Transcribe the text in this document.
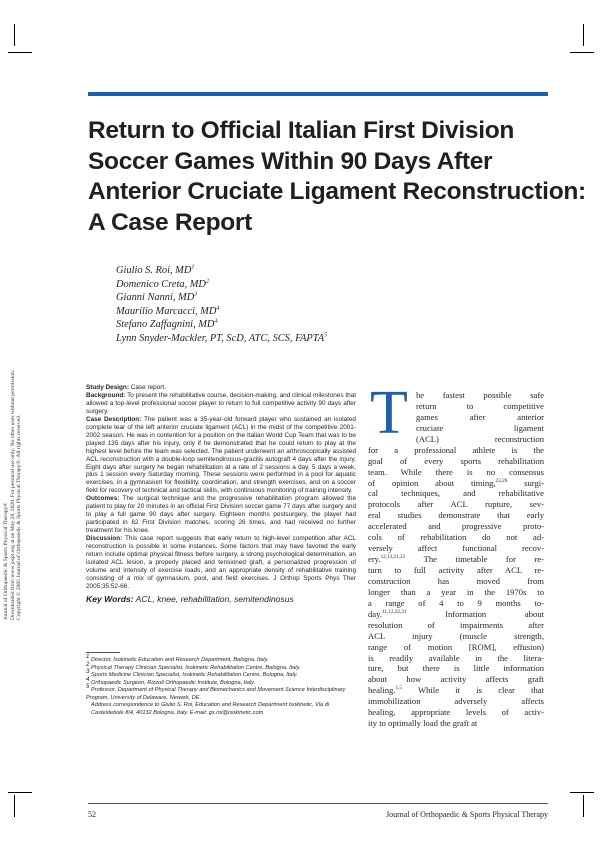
Return to Official Italian First Division
Soccer Games Within 90 Days After
Anterior Cruciate Ligament Reconstruction:
A Case Report
Giulio S. Roi, $MD^1$
Domenico Creta, $MD^2$
Gianni Nanni, $MD^3$
Maurilio Marcacci, $MD^4$
Stefano Zaffagnini, $MD^4$
Lynn Snyder-Mackler, PT, ScD, ATC, SCS, FAPTA$^5$
Journal of Orthopaedic & Sports Physical Therapy® Downloaded from www.jospt.org at on May 28, 2020. For personal use only. No other uses without permission. Copyright © 2005 Journal of Orthopaedic & Sports Physical Therapy®. All rights reserved.

Study Design: Case report.

Background: To present the rehabilitative course, decision-making, and clinical milestones that allowed a top-level professional soccer player to return to full competitive activity 90 days after surgery.

Case Description: The patient was a 35-year-old forward player who sustained an isolated complete tear of the left anterior cruciate ligament (ACL) in the midst of the competitive 2001-2002 season. He was in contention for a position on the Italian World Cup Team that was to be played 135 days after his injury, only if he demonstrated that he could return to play at the highest level before the team was selected. The patient underwent an arthroscopically assisted ACL reconstruction with a double-loop semitendinosus-gracilis autograft 4 days after the injury. Eight days after surgery he began rehabilitation at a rate of 2 sessions a day, 5 days a week, plus 1 session every Saturday morning. These sessions were performed in a pool for aquatic exercises, in a gymnasium for flexibility, coordination, and strength exercises, and on a soccer field for recovery of technical and tactical skills, with continuous monitoring of training intensity.

Outcomes: The surgical technique and the progressive rehabilitation program allowed the patient to play for 20 minutes in an official First Division soccer game 77 days after surgery and to play a full game 90 days after surgery. Eighteen months postsurgery, the player had participated in 62 First Division matches, scoring 26 times, and had received no further treatment for his knee.

Discussion: This case report suggests that early return to high-level competition after ACL reconstruction is possible in some instances. Some factors that may have favored the early return include optimal physical fitness before surgery, a strong psychological determination, an isolated ACL lesion, a properly placed and tensioned graft, a personalized progression of volume and intensity of exercise loads, and an appropriate density of rehabilitative training consisting of a mix of gymnasium, pool, and field exercises. J Orthop Sports Phys Ther 2005;35:52-66.

Key Words: ACL, knee, rehabilitation, semitendinosus

$^1$ Director, Isokinetic Education and Research Department, Bologna, Italy.

$^2$ Physical Therapy Clinician Specialist, Isokinetic Rehabilitation Centre, Bologna, Italy.

$^3$ Sports Medicine Clinician Specialist, Isokinetic Rehabilitation Centre, Bologna, Italy.

$^4$ Orthopaedic Surgeon, Rizzoli Orthopaedic Institute, Bologna, Italy.

$^5$ Professor, Department of Physical Therapy and Biomechanics and Movement Science Interdisciplinary Program, University of Delaware, Newark, DE.

Address correspondence to Giulio S. Roi, Education and Research Department Isokinetic, Via di Casteldebole 8/4, 40132 Bologna, Italy. E-mail: gs.roi@isokinetic.com

T he fastest possible safe
return to competitive
games after anterior
cruciate ligament
(ACL) reconstruction
for a professional athlete is the
goal of every sports rehabilitation
team. While there is no consensus
of opinion about timing,$^{23,26}$ surgi-
cal techniques, and rehabilitative
protocols after ACL rupture, sev-
eral studies demonstrate that early
accelerated and progressive proto-
cols of rehabilitation do not ad-
versely affect functional recov-
ery.$^{12,13,21,22}$ The timetable for re-
turn to full activity after ACL re-
construction has moved from
longer than a year in the 1970s to
a range of 4 to 9 months to-
day.$^{11,12,22,31}$ Information about
resolution of impairments after
ACL injury (muscle strength,
range of motion [ROM], effusion)
is readily available in the litera-
ture, but there is little information
about how activity affects graft
healing.$^{1,5}$ While it is clear that
immobilization adversely affects
healing, appropriate levels of activ-
ity to optimally load the graft at
52	Journal of Orthopaedic & Sports Physical Therapy
